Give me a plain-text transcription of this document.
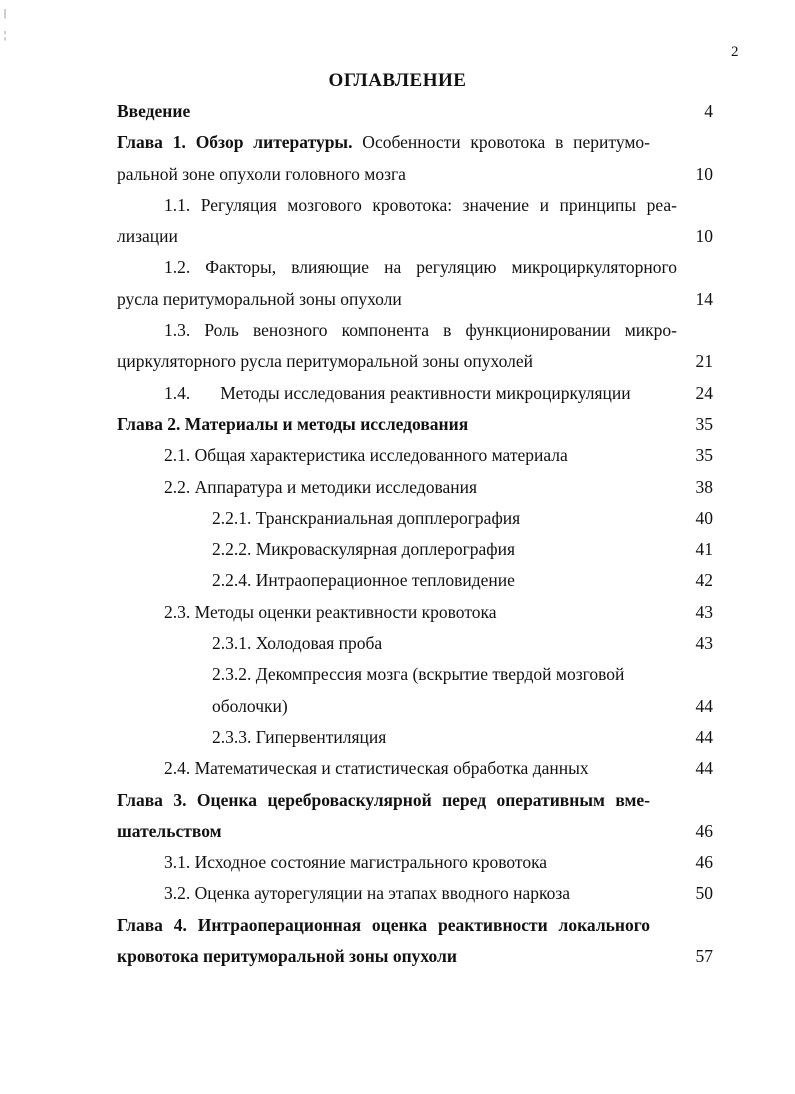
|
¦
2
ОГЛАВЛЕНИЕ
Введение	4
Глава 1. Обзор литературы. Особенности кровотока в перитумо-
ральной зоне опухоли головного мозга	10
1.1. Регуляция мозгового кровотока: значение и принципы реа-
лизации	10
1.2. Факторы, влияющие на регуляцию микроциркуляторного
русла перитуморальной зоны опухоли	14
1.3. Роль венозного компонента в функционировании микро-
циркуляторного русла перитуморальной зоны опухолей	21
1.4. Методы исследования реактивности микроциркуляции	24
Глава 2. Материалы и методы исследования	35
2.1. Общая характеристика исследованного материала	35
2.2. Аппаратура и методики исследования	38
2.2.1. Транскраниальная допплерография	40
2.2.2. Микроваскулярная доплерография	41
2.2.4. Интраоперационное тепловидение	42
2.3. Методы оценки реактивности кровотока	43
2.3.1. Холодовая проба	43
2.3.2. Декомпрессия мозга (вскрытие твердой мозговой
оболочки)	44
2.3.3. Гипервентиляция	44
2.4. Математическая и статистическая обработка данных	44
Глава 3. Оценка цереброваскулярной перед оперативным вме-
шательством	46
3.1. Исходное состояние магистрального кровотока	46
3.2. Оценка ауторегуляции на этапах вводного наркоза	50
Глава 4. Интраоперационная оценка реактивности локального
кровотока перитуморальной зоны опухоли	57
